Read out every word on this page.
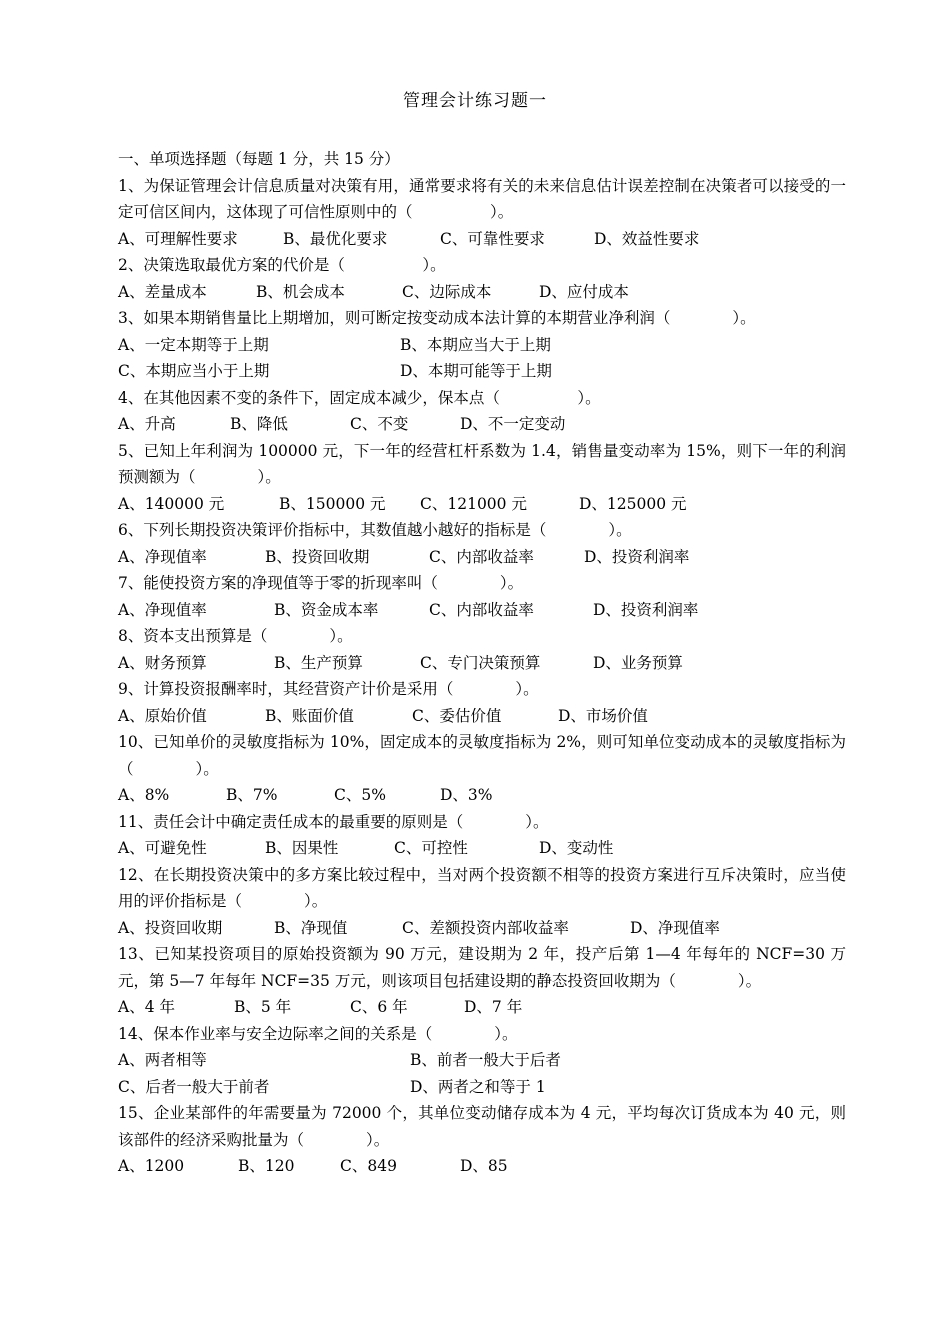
管理会计练习题一
一、单项选择题（每题 1 分，共 15 分）
1、为保证管理会计信息质量对决策有用，通常要求将有关的未来信息估计误差控制在决策者可以接受的一定可信区间内，这体现了可信性原则中的（　　　　　）。
A、可理解性要求	B、最优化要求	C、可靠性要求	D、效益性要求
2、决策选取最优方案的代价是（　　　　　）。
A、差量成本	B、机会成本	C、边际成本	D、应付成本
3、如果本期销售量比上期增加，则可断定按变动成本法计算的本期营业净利润（　　　　）。
A、一定本期等于上期	B、本期应当大于上期
C、本期应当小于上期	D、本期可能等于上期
4、在其他因素不变的条件下，固定成本减少，保本点（　　　　　）。
A、升高	B、降低	C、不变	D、不一定变动
5、已知上年利润为 100000 元，下一年的经营杠杆系数为 1.4，销售量变动率为 15%，则下一年的利润预测额为（　　　　）。
A、140000 元	B、150000 元 C、121000 元	D、125000 元
6、下列长期投资决策评价指标中，其数值越小越好的指标是（　　　　）。
A、净现值率	B、投资回收期	C、内部收益率	D、投资利润率
7、能使投资方案的净现值等于零的折现率叫（　　　　）。
A、净现值率	B、资金成本率	C、内部收益率	D、投资利润率
8、资本支出预算是（　　　　）。
A、财务预算	B、生产预算	C、专门决策预算	D、业务预算
9、计算投资报酬率时，其经营资产计价是采用（　　　　）。
A、原始价值	B、账面价值	C、委估价值	D、市场价值
10、已知单价的灵敏度指标为 10%，固定成本的灵敏度指标为 2%，则可知单位变动成本的灵敏度指标为（　　　　）。
A、8%	B、7%	C、5%	D、3%
11、责任会计中确定责任成本的最重要的原则是（　　　　）。
A、可避免性	B、因果性	C、可控性	D、变动性
12、在长期投资决策中的多方案比较过程中，当对两个投资额不相等的投资方案进行互斥决策时，应当使用的评价指标是（　　　　）。
A、投资回收期	B、净现值	C、差额投资内部收益率	D、净现值率
13、已知某投资项目的原始投资额为 90 万元，建设期为 2 年，投产后第 1—4 年每年的 NCF=30 万元，第 5—7 年每年 NCF=35 万元，则该项目包括建设期的静态投资回收期为（　　　　）。
A、4 年	B、5 年	C、6 年	D、7 年
14、保本作业率与安全边际率之间的关系是（　　　　）。
A、两者相等	B、前者一般大于后者
C、后者一般大于前者	D、两者之和等于 1
15、企业某部件的年需要量为 72000 个，其单位变动储存成本为 4 元，平均每次订货成本为 40 元，则该部件的经济采购批量为（　　　　）。
A、1200	B、120	C、849	D、85
